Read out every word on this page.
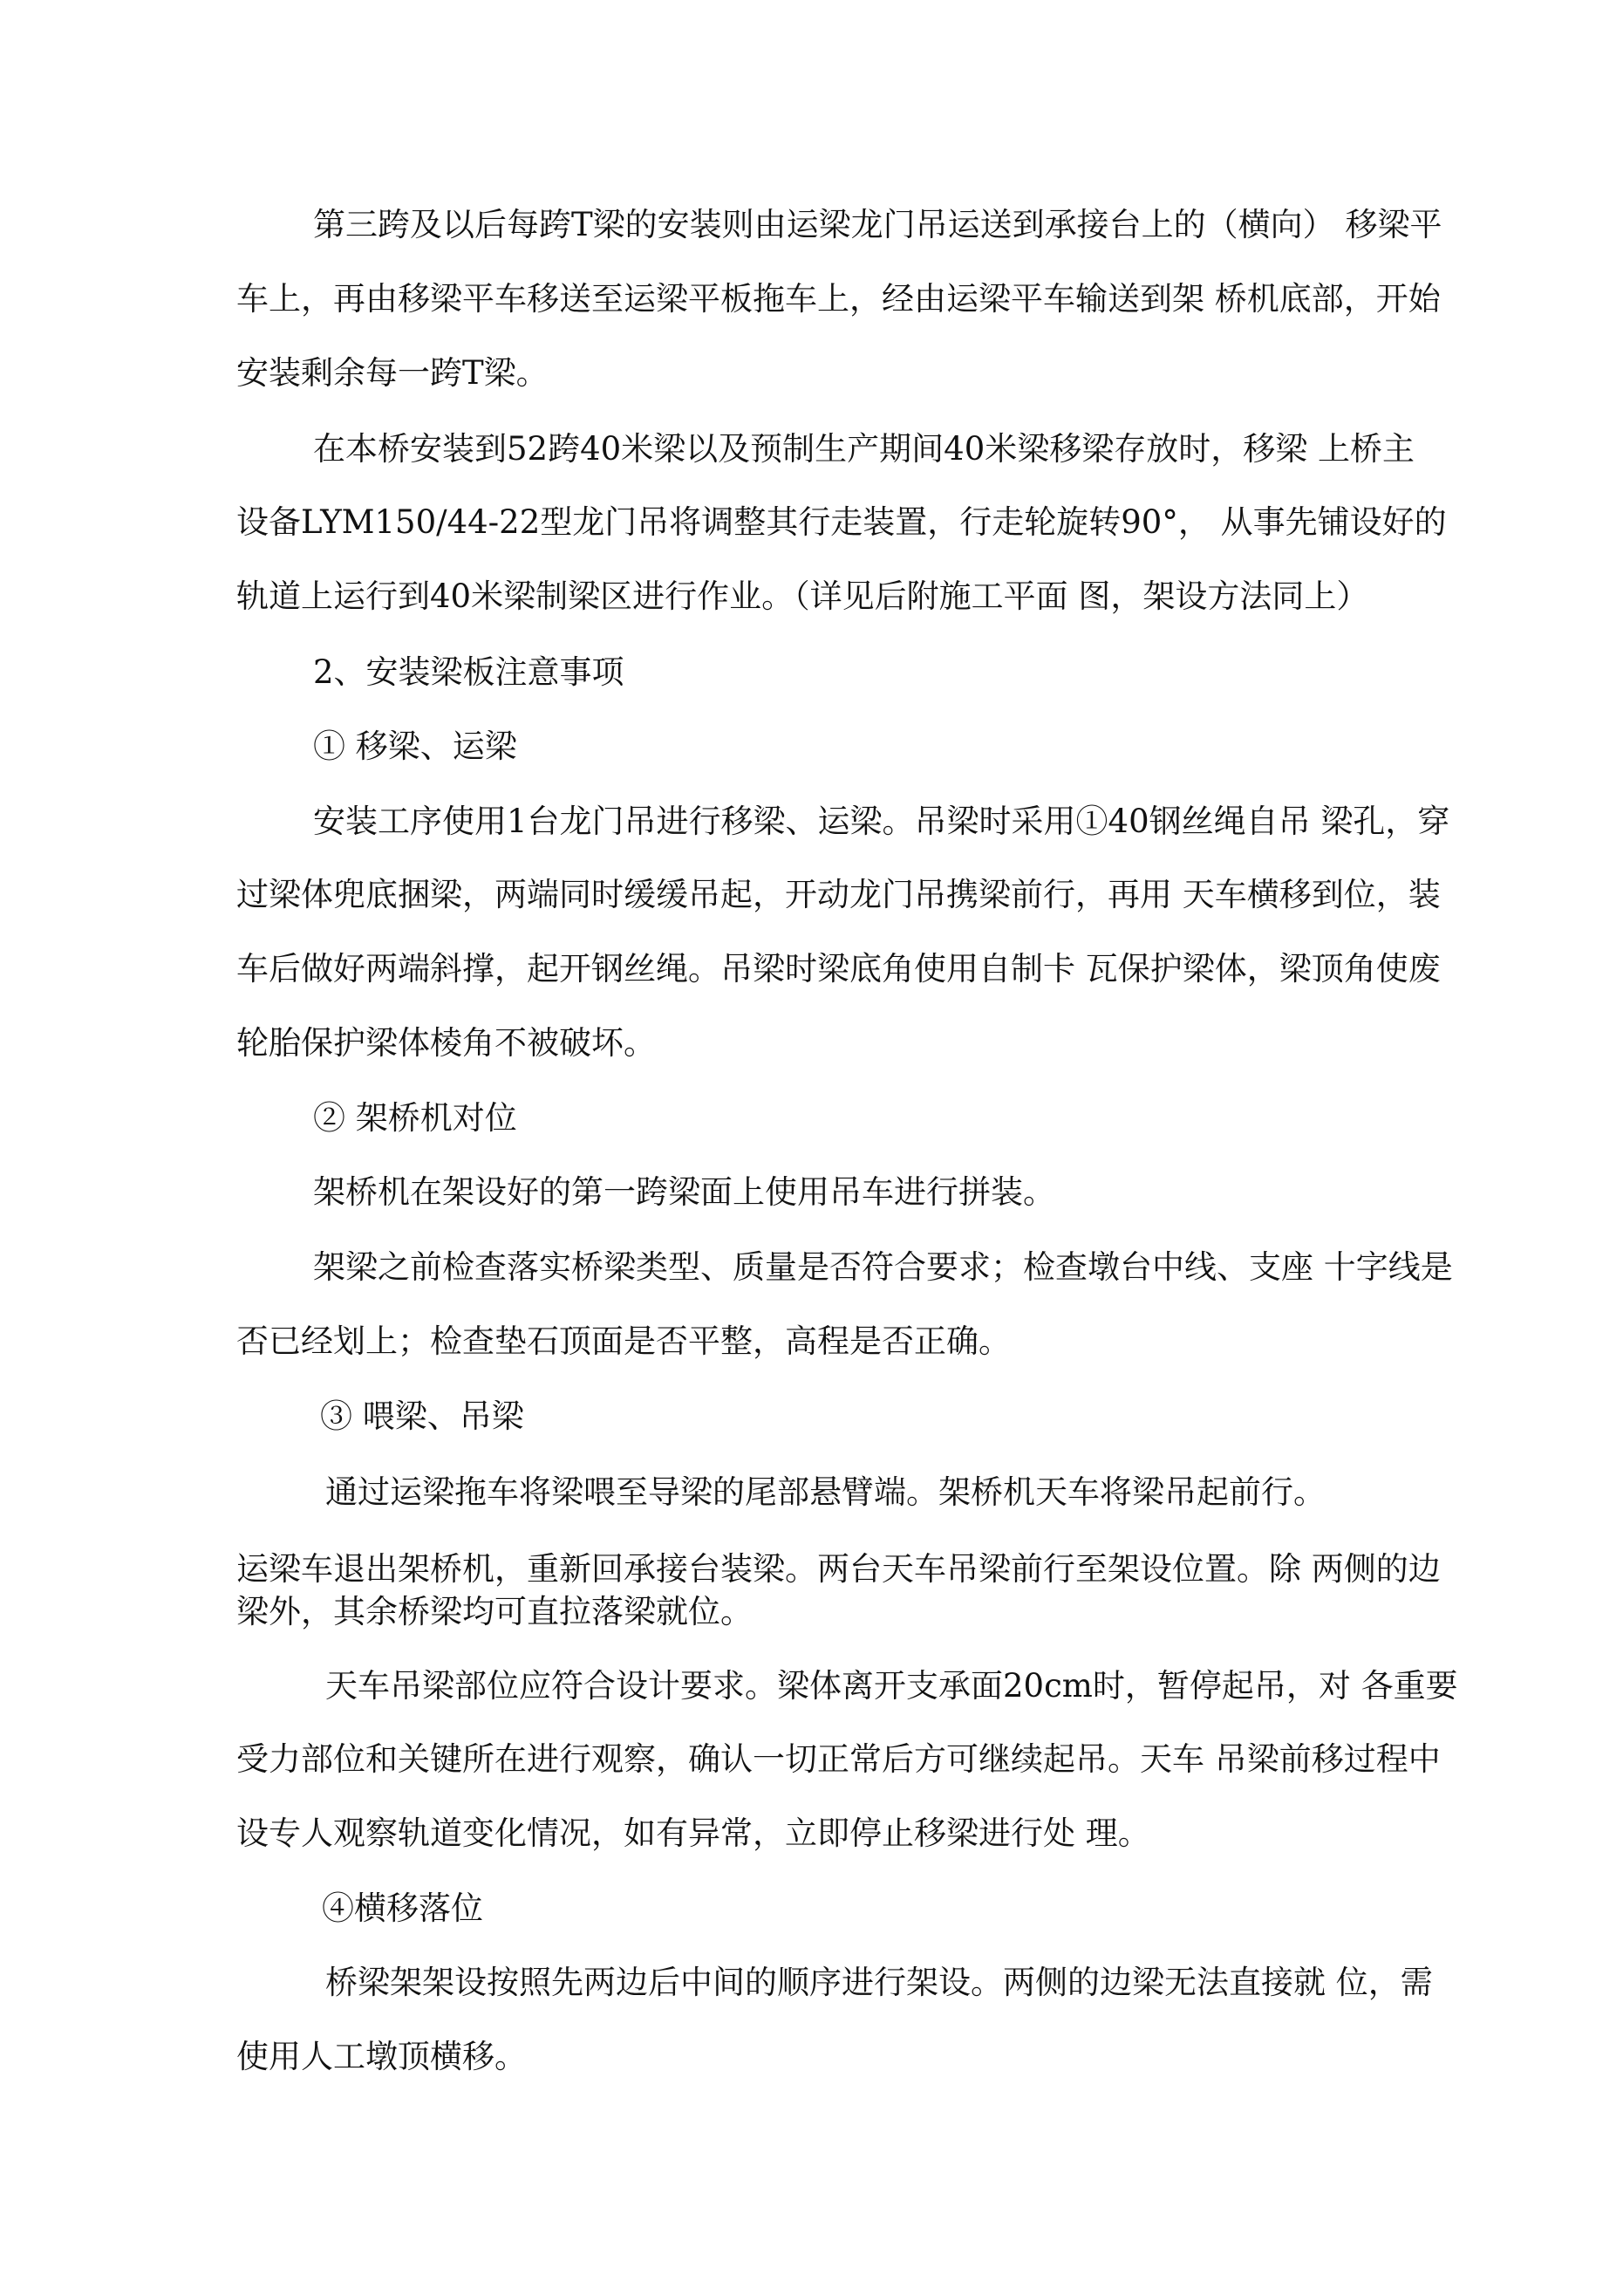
第三跨及以后每跨T梁的安装则由运梁龙门吊运送到承接台上的（横向） 移梁平
车上，再由移梁平车移送至运梁平板拖车上，经由运梁平车输送到架 桥机底部，开始
安装剩余每一跨T梁。
在本桥安装到52跨40米梁以及预制生产期间40米梁移梁存放时，移梁 上桥主
设备LYM150/44-22型龙门吊将调整其行走装置，行走轮旋转90°， 从事先铺设好的
轨道上运行到40米梁制梁区进行作业。（详见后附施工平面 图，架设方法同上）
2、安装梁板注意事项
① 移梁、运梁
安装工序使用1台龙门吊进行移梁、运梁。吊梁时采用①40钢丝绳自吊 梁孔，穿
过梁体兜底捆梁，两端同时缓缓吊起，开动龙门吊携梁前行，再用 天车横移到位，装
车后做好两端斜撑，起开钢丝绳。吊梁时梁底角使用自制卡 瓦保护梁体，梁顶角使废
轮胎保护梁体棱角不被破坏。
② 架桥机对位
架桥机在架设好的第一跨梁面上使用吊车进行拼装。
架梁之前检查落实桥梁类型、质量是否符合要求；检查墩台中线、支座 十字线是
否已经划上；检查垫石顶面是否平整，高程是否正确。
③ 喂梁、吊梁
通过运梁拖车将梁喂至导梁的尾部悬臂端。架桥机天车将梁吊起前行。
运梁车退出架桥机，重新回承接台装梁。两台天车吊梁前行至架设位置。除 两侧的边
梁外，其余桥梁均可直拉落梁就位。
天车吊梁部位应符合设计要求。梁体离开支承面20cm时，暂停起吊，对 各重要
受力部位和关键所在进行观察，确认一切正常后方可继续起吊。天车 吊梁前移过程中
设专人观察轨道变化情况，如有异常，立即停止移梁进行处 理。
④横移落位
桥梁架架设按照先两边后中间的顺序进行架设。两侧的边梁无法直接就 位，需
使用人工墩顶横移。
